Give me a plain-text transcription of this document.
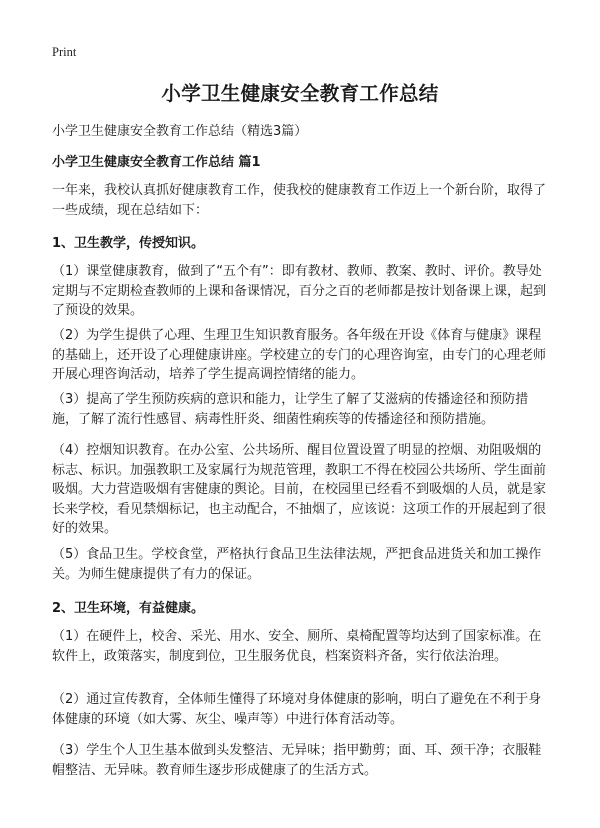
Print
小学卫生健康安全教育工作总结
小学卫生健康安全教育工作总结（精选3篇）
小学卫生健康安全教育工作总结 篇1

一年来，我校认真抓好健康教育工作，使我校的健康教育工作迈上一个新台阶，取得了一些成绩，现在总结如下：

1、卫生教学，传授知识。

（1）课堂健康教育，做到了“五个有”：即有教材、教师、教案、教时、评价。教导处定期与不定期检查教师的上课和备课情况，百分之百的老师都是按计划备课上课，起到了预设的效果。

（2）为学生提供了心理、生理卫生知识教育服务。各年级在开设《体育与健康》课程的基础上，还开设了心理健康讲座。学校建立的专门的心理咨询室，由专门的心理老师开展心理咨询活动，培养了学生提高调控情绪的能力。

（3）提高了学生预防疾病的意识和能力，让学生了解了艾滋病的传播途径和预防措施，了解了流行性感冒、病毒性肝炎、细菌性痢疾等的传播途径和预防措施。

（4）控烟知识教育。在办公室、公共场所、醒目位置设置了明显的控烟、劝阻吸烟的标志、标识。加强教职工及家属行为规范管理，教职工不得在校园公共场所、学生面前吸烟。大力营造吸烟有害健康的舆论。目前，在校园里已经看不到吸烟的人员，就是家长来学校，看见禁烟标记，也主动配合，不抽烟了，应该说：这项工作的开展起到了很好的效果。

（5）食品卫生。学校食堂，严格执行食品卫生法律法规，严把食品进货关和加工操作关。为师生健康提供了有力的保证。

2、卫生环境，有益健康。

（1）在硬件上，校舍、采光、用水、安全、厕所、桌椅配置等均达到了国家标准。在软件上，政策落实，制度到位，卫生服务优良，档案资料齐备，实行依法治理。

（2）通过宣传教育，全体师生懂得了环境对身体健康的影响，明白了避免在不利于身体健康的环境（如大雾、灰尘、噪声等）中进行体育活动等。

（3）学生个人卫生基本做到头发整洁、无异味；指甲勤剪；面、耳、颈干净；衣服鞋帽整洁、无异味。教育师生逐步形成健康了的生活方式。
